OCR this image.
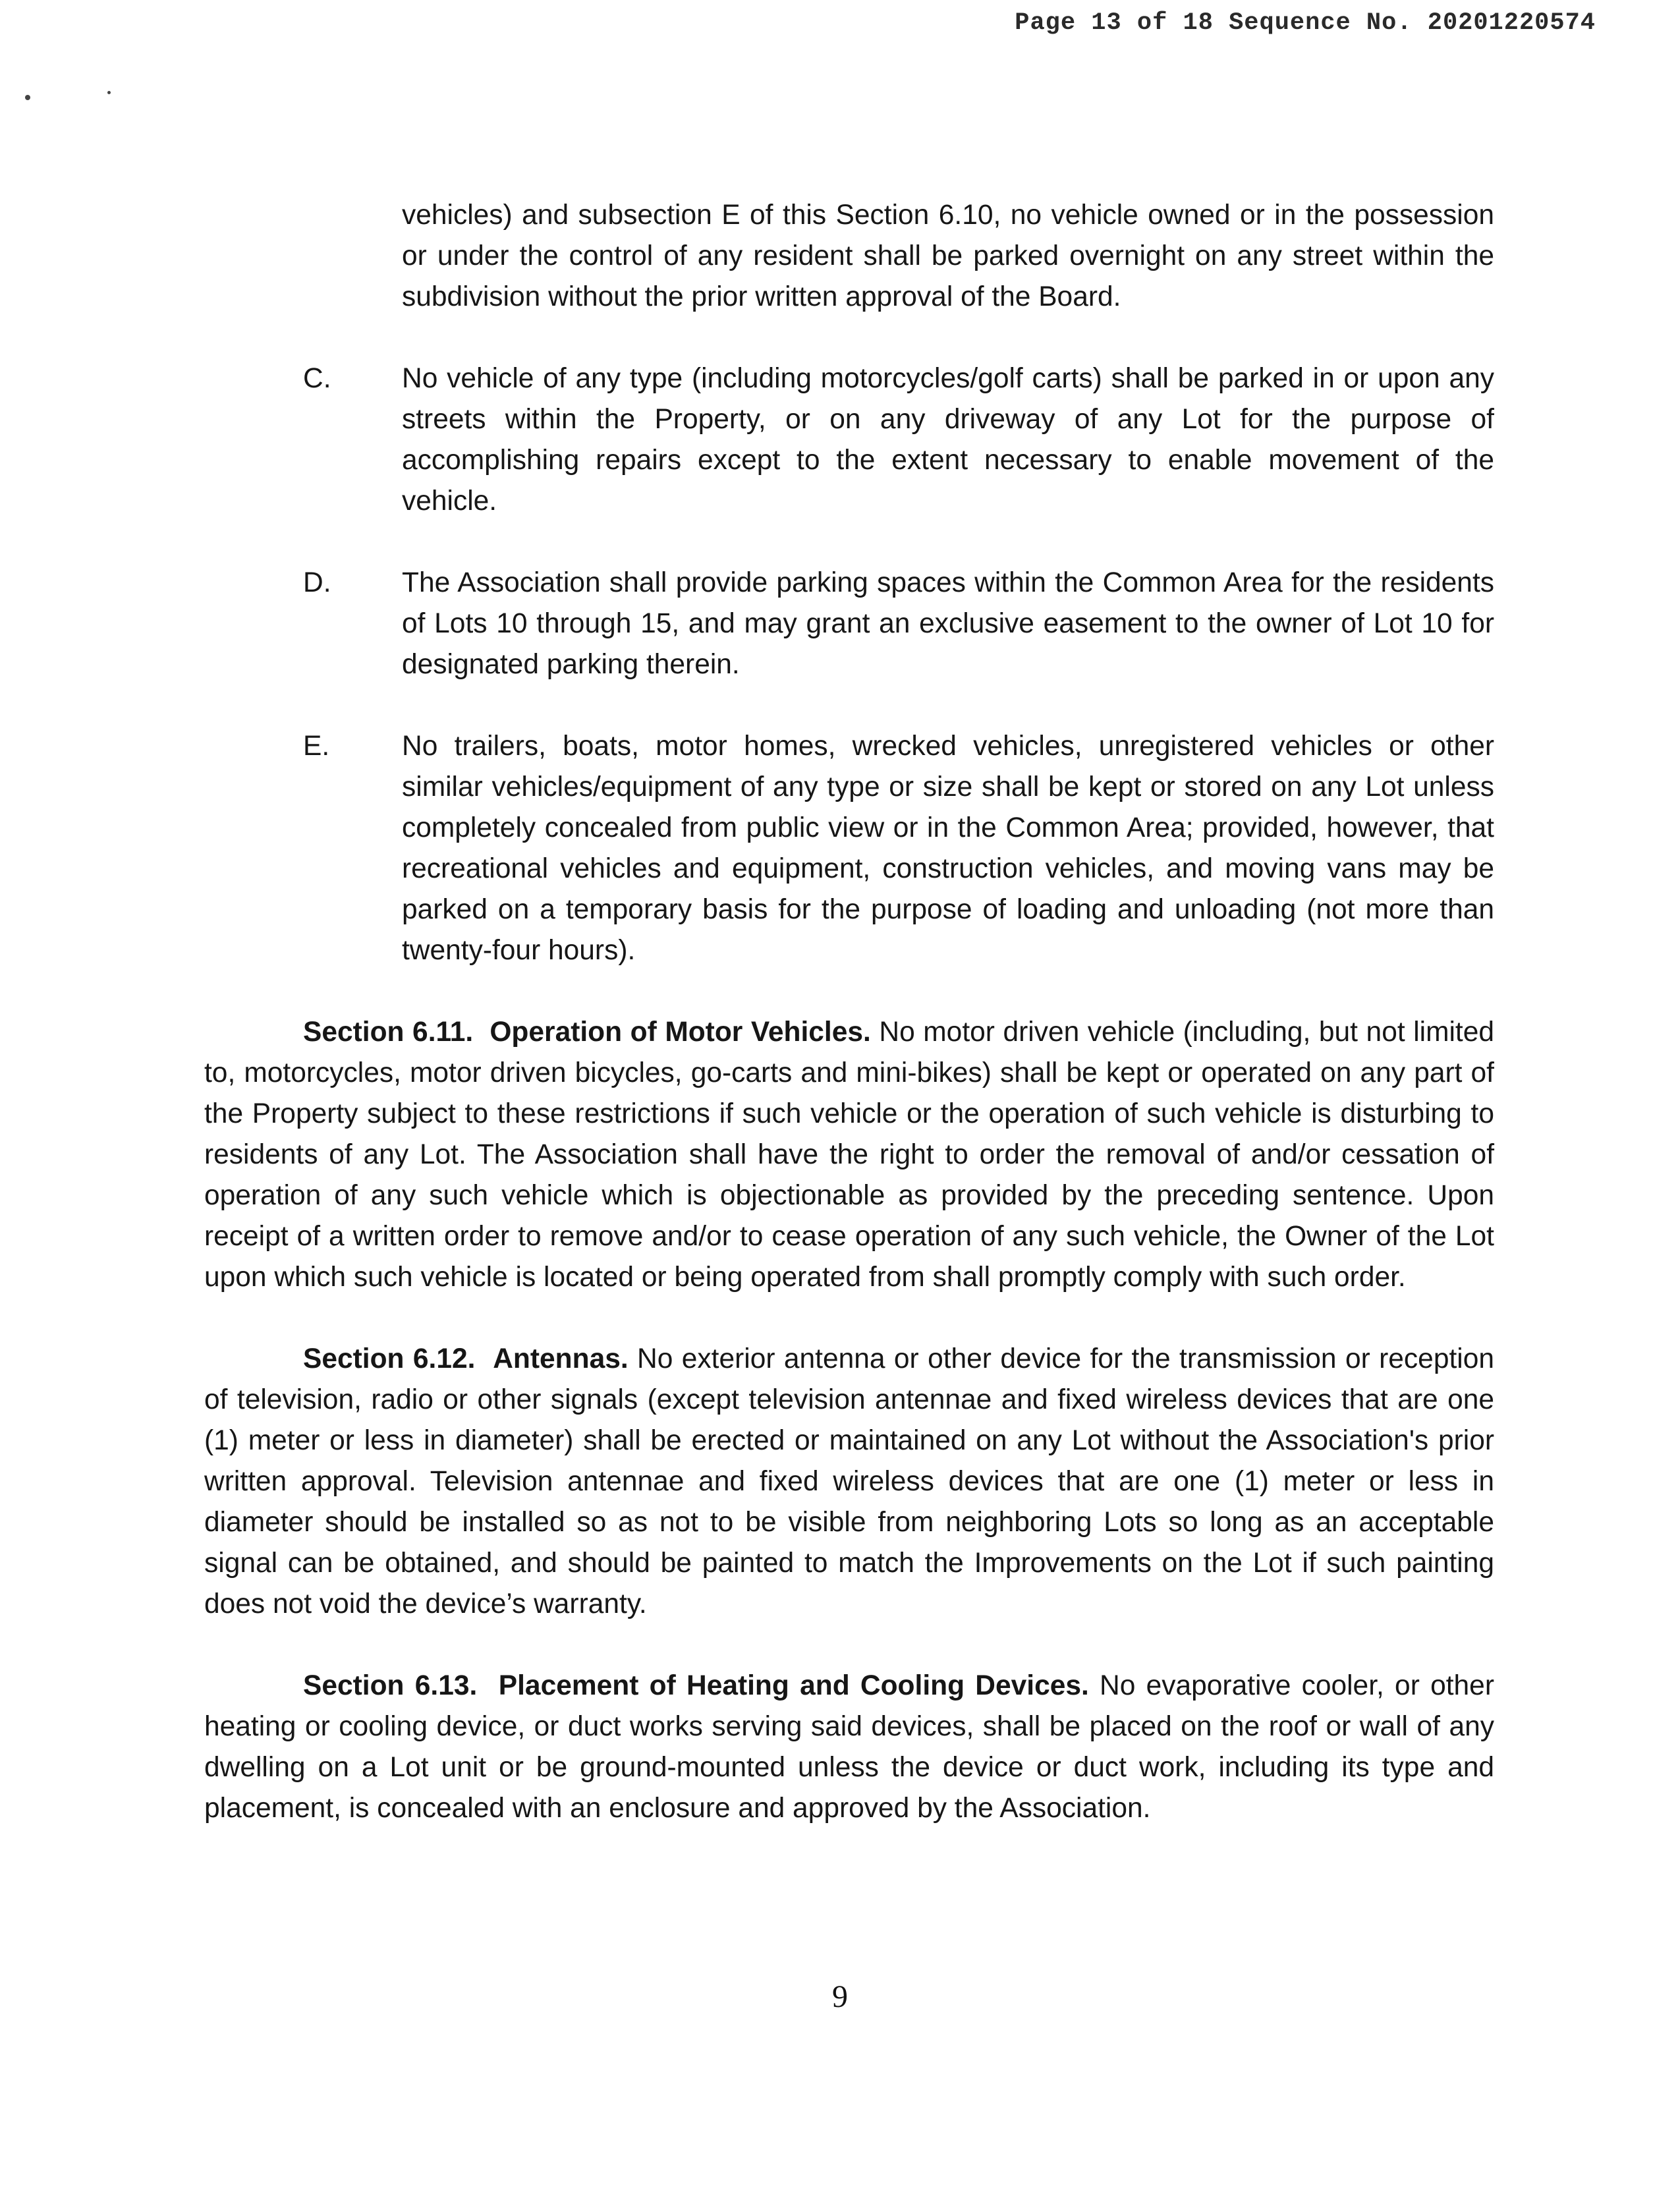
Page 13 of 18 Sequence No. 20201220574

vehicles) and subsection E of this Section 6.10, no vehicle owned or in the possession or under the control of any resident shall be parked overnight on any street within the subdivision without the prior written approval of the Board.

C.	No vehicle of any type (including motorcycles/golf carts) shall be parked in or upon any streets within the Property, or on any driveway of any Lot for the purpose of accomplishing repairs except to the extent necessary to enable movement of the vehicle.

D.	The Association shall provide parking spaces within the Common Area for the residents of Lots 10 through 15, and may grant an exclusive easement to the owner of Lot 10 for designated parking therein.

E.	No trailers, boats, motor homes, wrecked vehicles, unregistered vehicles or other similar vehicles/equipment of any type or size shall be kept or stored on any Lot unless completely concealed from public view or in the Common Area; provided, however, that recreational vehicles and equipment, construction vehicles, and moving vans may be parked on a temporary basis for the purpose of loading and unloading (not more than twenty-four hours).

Section 6.11. Operation of Motor Vehicles. No motor driven vehicle (including, but not limited to, motorcycles, motor driven bicycles, go-carts and mini-bikes) shall be kept or operated on any part of the Property subject to these restrictions if such vehicle or the operation of such vehicle is disturbing to residents of any Lot. The Association shall have the right to order the removal of and/or cessation of operation of any such vehicle which is objectionable as provided by the preceding sentence. Upon receipt of a written order to remove and/or to cease operation of any such vehicle, the Owner of the Lot upon which such vehicle is located or being operated from shall promptly comply with such order.

Section 6.12. Antennas. No exterior antenna or other device for the transmission or reception of television, radio or other signals (except television antennae and fixed wireless devices that are one (1) meter or less in diameter) shall be erected or maintained on any Lot without the Association's prior written approval. Television antennae and fixed wireless devices that are one (1) meter or less in diameter should be installed so as not to be visible from neighboring Lots so long as an acceptable signal can be obtained, and should be painted to match the Improvements on the Lot if such painting does not void the device’s warranty.

Section 6.13. Placement of Heating and Cooling Devices. No evaporative cooler, or other heating or cooling device, or duct works serving said devices, shall be placed on the roof or wall of any dwelling on a Lot unit or be ground-mounted unless the device or duct work, including its type and placement, is concealed with an enclosure and approved by the Association.

9
